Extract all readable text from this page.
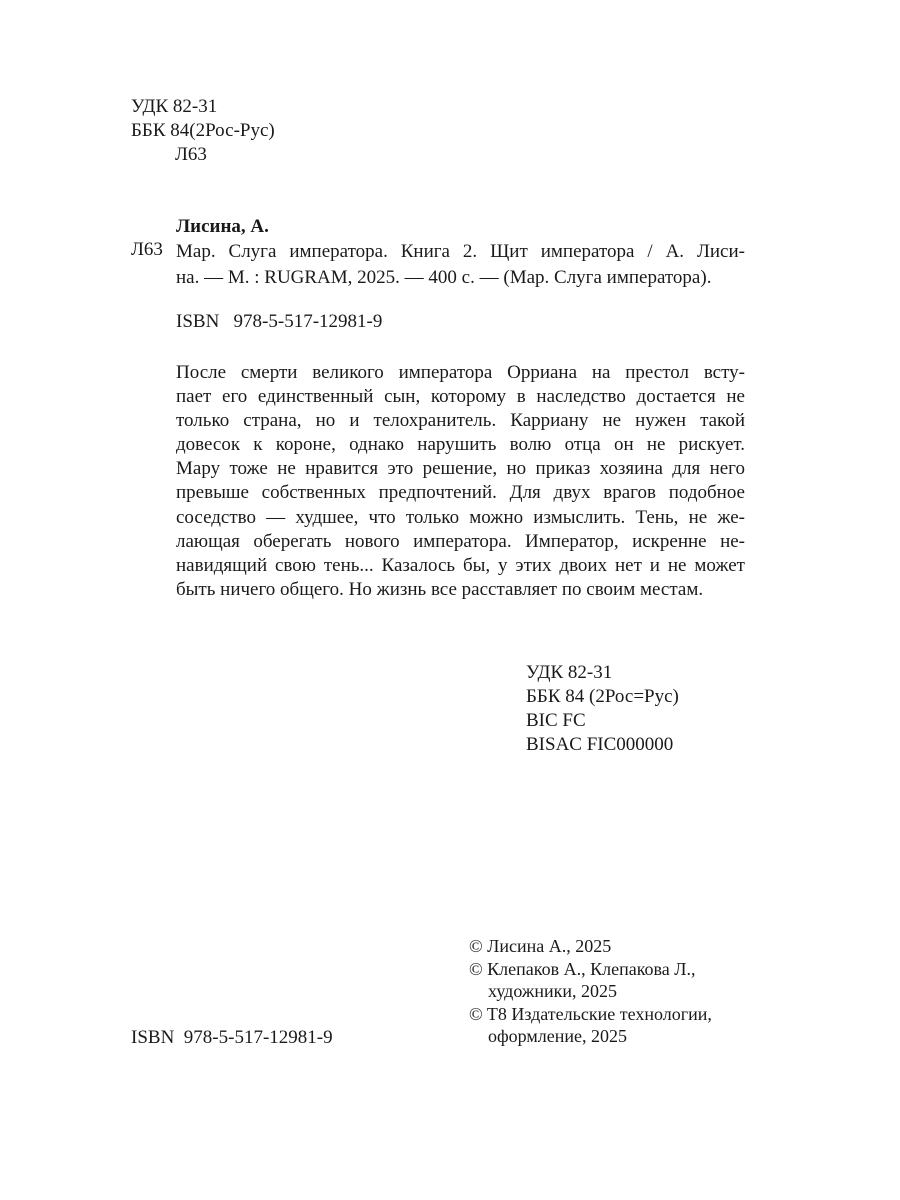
УДК 82-31
ББК 84(2Рос-Рус)
Л63
Лисина, А.
Л63 Мар. Слуга императора. Книга 2. Щит императора / А. Лиси-
на. — М. : RUGRAM, 2025. — 400 с. — (Мар. Слуга императора).
ISBN   978-5-517-12981-9
После смерти великого императора Орриана на престол всту-
пает его единственный сын, которому в наследство достается не
только страна, но и телохранитель. Карриану не нужен такой
довесок к короне, однако нарушить волю отца он не рискует.
Мару тоже не нравится это решение, но приказ хозяина для него
превыше собственных предпочтений. Для двух врагов подобное
соседство — худшее, что только можно измыслить. Тень, не же-
лающая оберегать нового императора. Император, искренне не-
навидящий свою тень... Казалось бы, у этих двоих нет и не может
быть ничего общего. Но жизнь все расставляет по своим местам.
УДК 82-31
ББК 84 (2Рос=Рус)
BIC FC
BISAC FIC000000
© Лисина А., 2025
© Клепаков А., Клепакова Л.,
художники, 2025
© T8 Издательские технологии,
оформление, 2025
ISBN  978-5-517-12981-9
